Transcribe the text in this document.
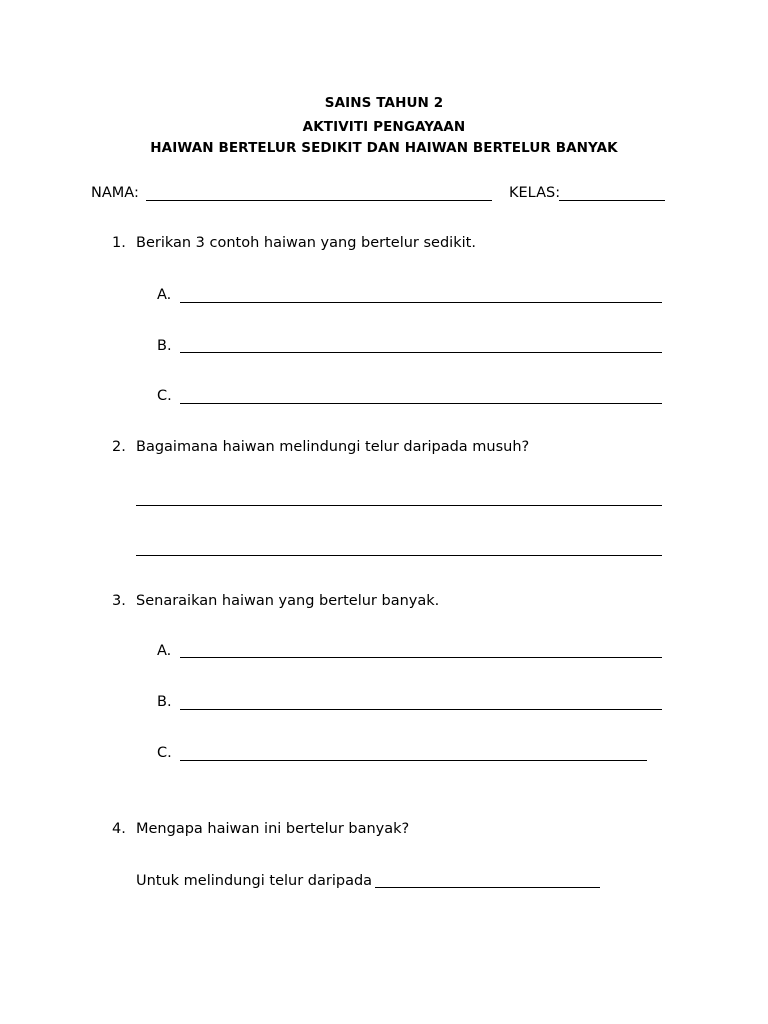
SAINS TAHUN 2
AKTIVITI PENGAYAAN
HAIWAN BERTELUR SEDIKIT DAN HAIWAN BERTELUR BANYAK
NAMA:	KELAS:
1. Berikan 3 contoh haiwan yang bertelur sedikit.
A.
B.
C.
2. Bagaimana haiwan melindungi telur daripada musuh?
3. Senaraikan haiwan yang bertelur banyak.
A.
B.
C.
4. Mengapa haiwan ini bertelur banyak?
Untuk melindungi telur daripada
